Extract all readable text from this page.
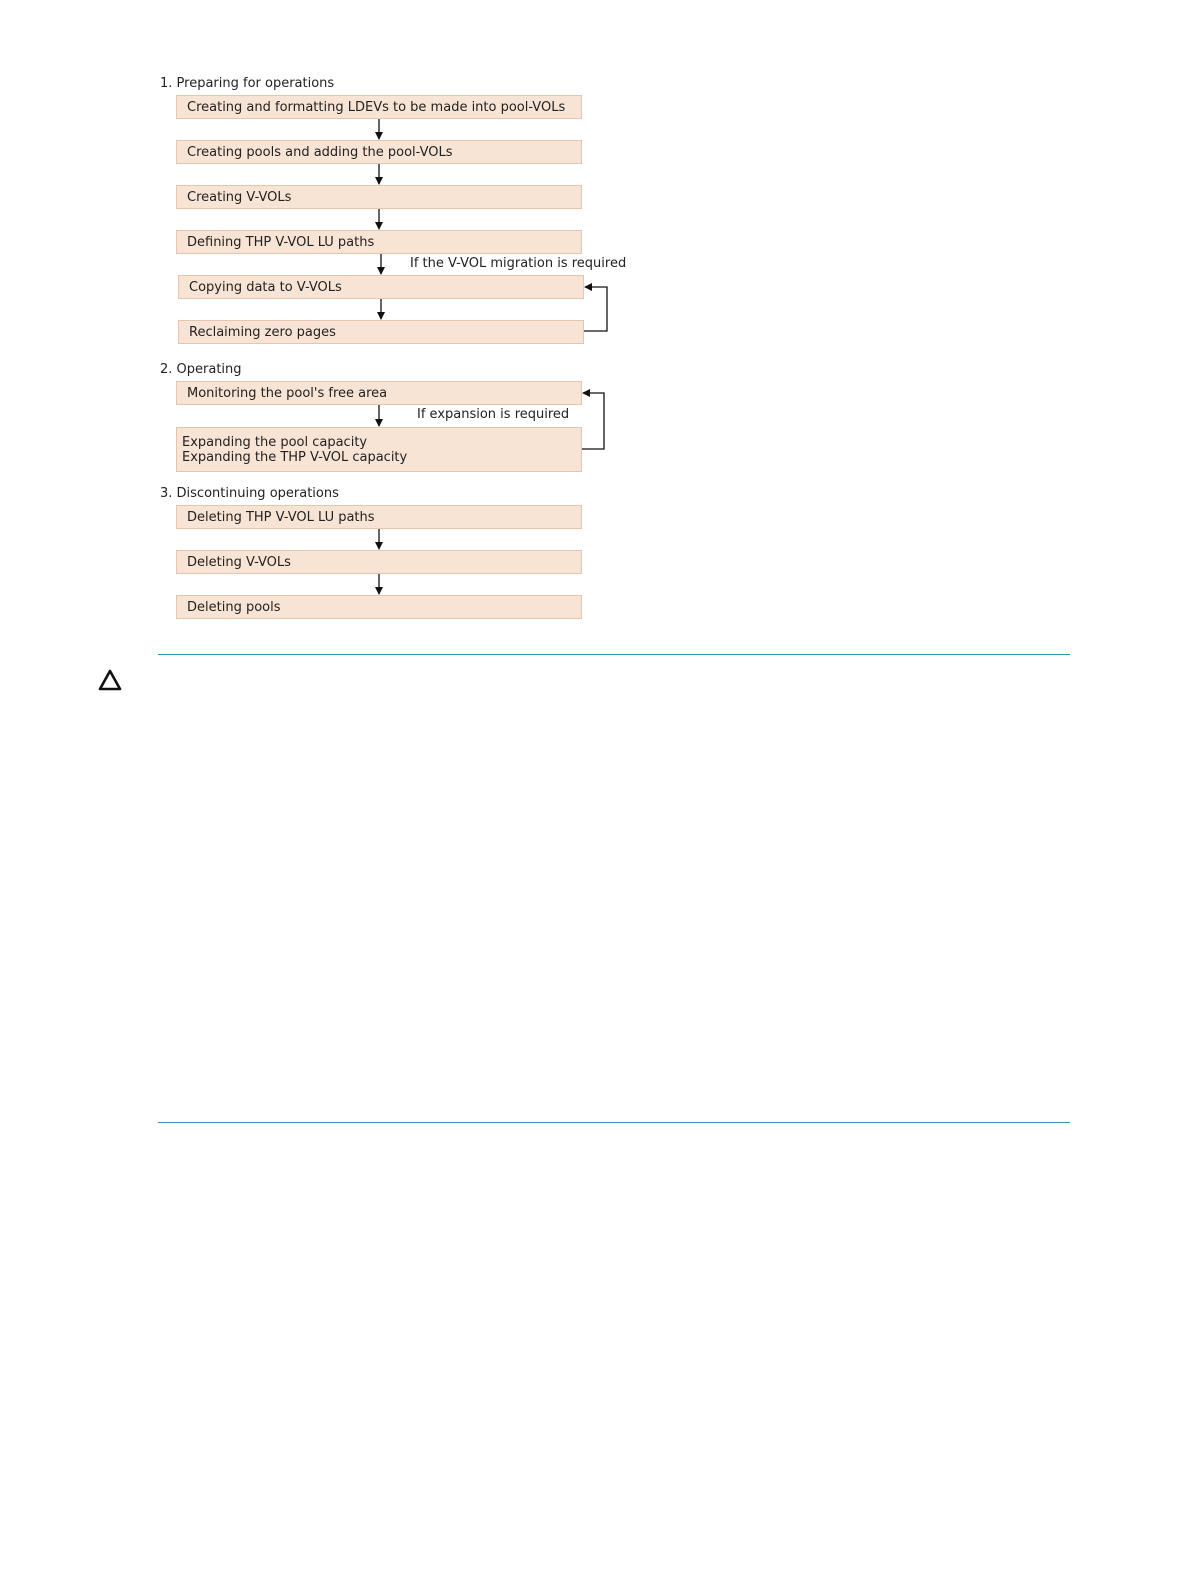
1. Preparing for operations
Creating and formatting LDEVs to be made into pool-VOLs
Creating pools and adding the pool-VOLs
Creating V-VOLs
Defining THP V-VOL LU paths
If the V-VOL migration is required
Copying data to V-VOLs
Reclaiming zero pages
2. Operating
Monitoring the pool's free area
If expansion is required
Expanding the pool capacity
Expanding the THP V-VOL capacity
3. Discontinuing operations
Deleting THP V-VOL LU paths
Deleting V-VOLs
Deleting pools
